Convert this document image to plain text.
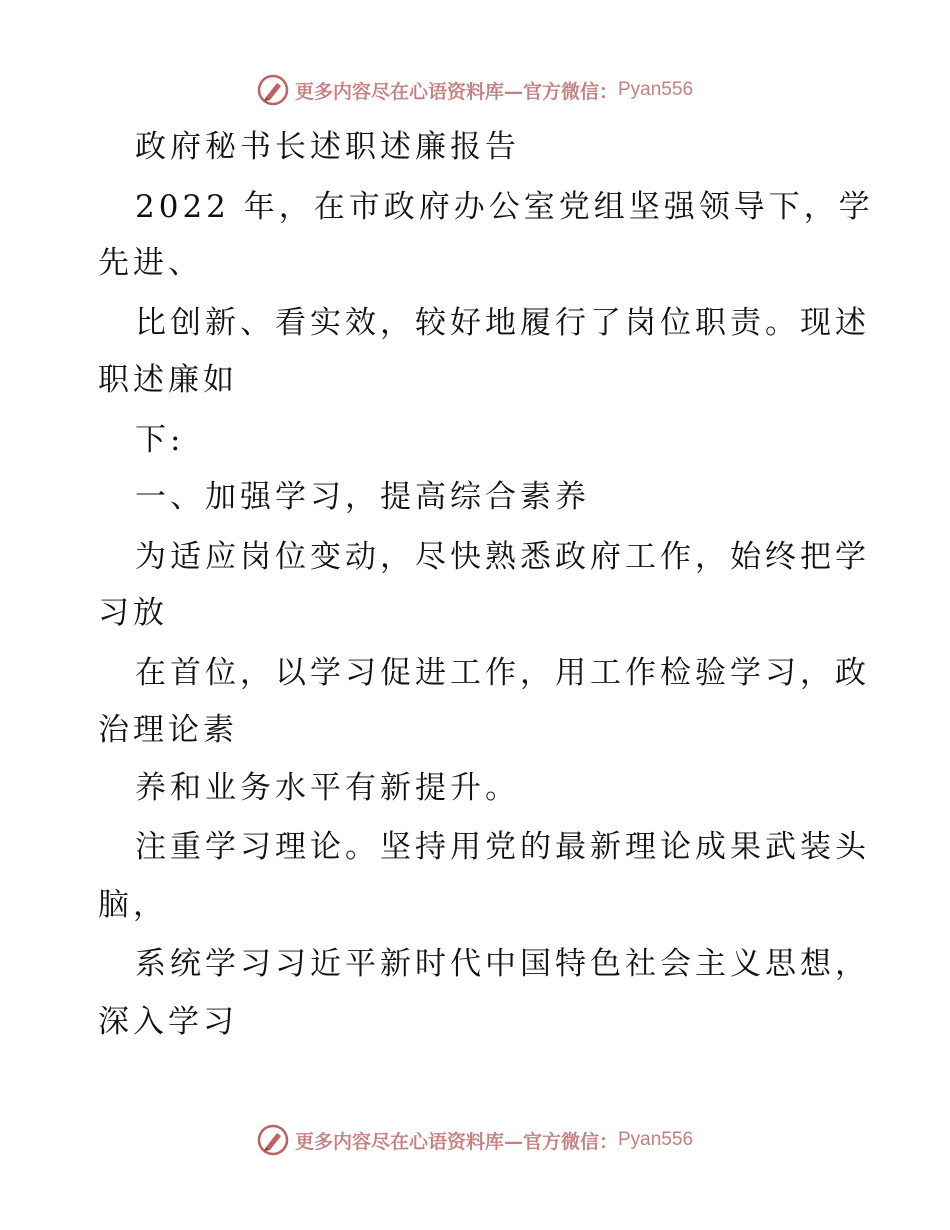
更多内容尽在心语资料库—官方微信： Pyan556
政府秘书长述职述廉报告
2022 年，在市政府办公室党组坚强领导下，学
先进、
比创新、看实效，较好地履行了岗位职责。现述
职述廉如
下:
一、加强学习，提高综合素养
为适应岗位变动，尽快熟悉政府工作，始终把学
习放
在首位，以学习促进工作，用工作检验学习，政
治理论素
养和业务水平有新提升。
注重学习理论。坚持用党的最新理论成果武装头
脑，
系统学习习近平新时代中国特色社会主义思想，
深入学习
更多内容尽在心语资料库—官方微信： Pyan556
